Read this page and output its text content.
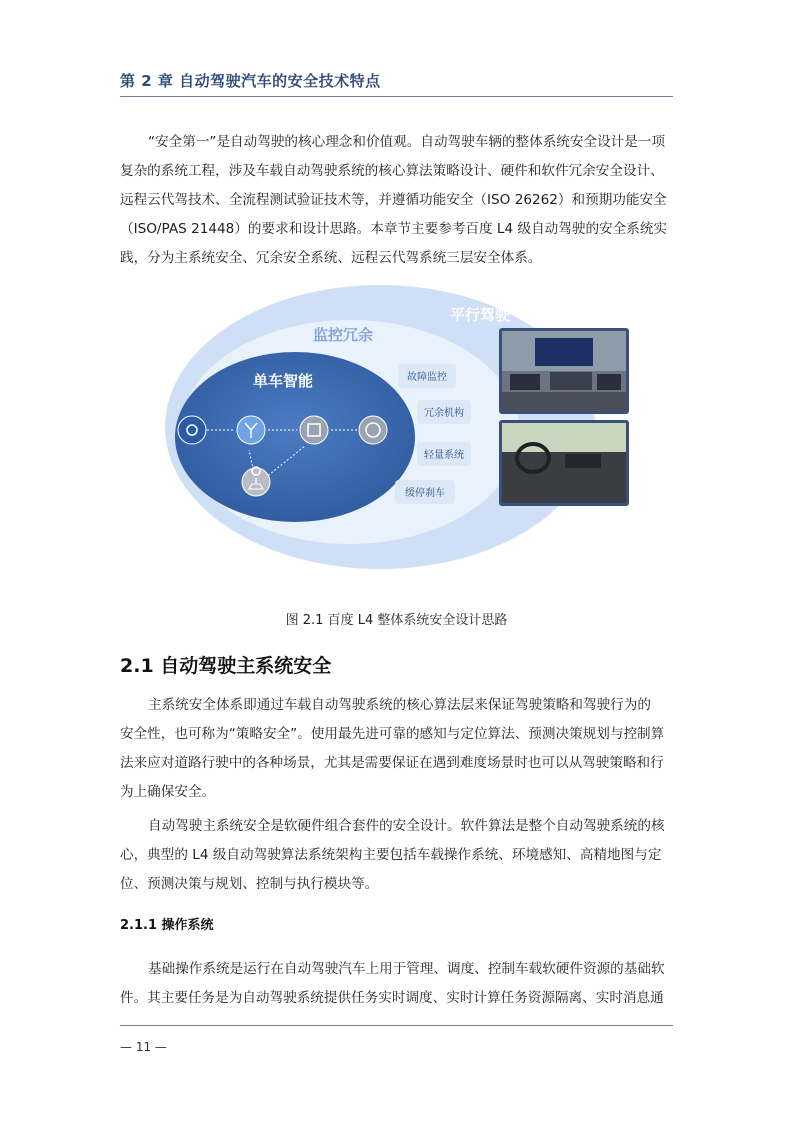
第 2 章 自动驾驶汽车的安全技术特点
“安全第一”是自动驾驶的核心理念和价值观。自动驾驶车辆的整体系统安全设计是一项
复杂的系统工程，涉及车载自动驾驶系统的核心算法策略设计、硬件和软件冗余安全设计、
远程云代驾技术、全流程测试验证技术等，并遵循功能安全（ISO 26262）和预期功能安全
（ISO/PAS 21448）的要求和设计思路。本章节主要参考百度 L4 级自动驾驶的安全系统实
践，分为主系统安全、冗余安全系统、远程云代驾系统三层安全体系。
平行驾驶
监控冗余
单车智能	故障监控
冗余机构
轻量系统
缓停刹车
图 2.1 百度 L4 整体系统安全设计思路
2.1 自动驾驶主系统安全
主系统安全体系即通过车载自动驾驶系统的核心算法层来保证驾驶策略和驾驶行为的
安全性，也可称为“策略安全”。使用最先进可靠的感知与定位算法、预测决策规划与控制算
法来应对道路行驶中的各种场景，尤其是需要保证在遇到难度场景时也可以从驾驶策略和行
为上确保安全。
自动驾驶主系统安全是软硬件组合套件的安全设计。软件算法是整个自动驾驶系统的核
心，典型的 L4 级自动驾驶算法系统架构主要包括车载操作系统、环境感知、高精地图与定
位、预测决策与规划、控制与执行模块等。
2.1.1 操作系统
基础操作系统是运行在自动驾驶汽车上用于管理、调度、控制车载软硬件资源的基础软
件。其主要任务是为自动驾驶系统提供任务实时调度、实时计算任务资源隔离、实时消息通
— 11 —
